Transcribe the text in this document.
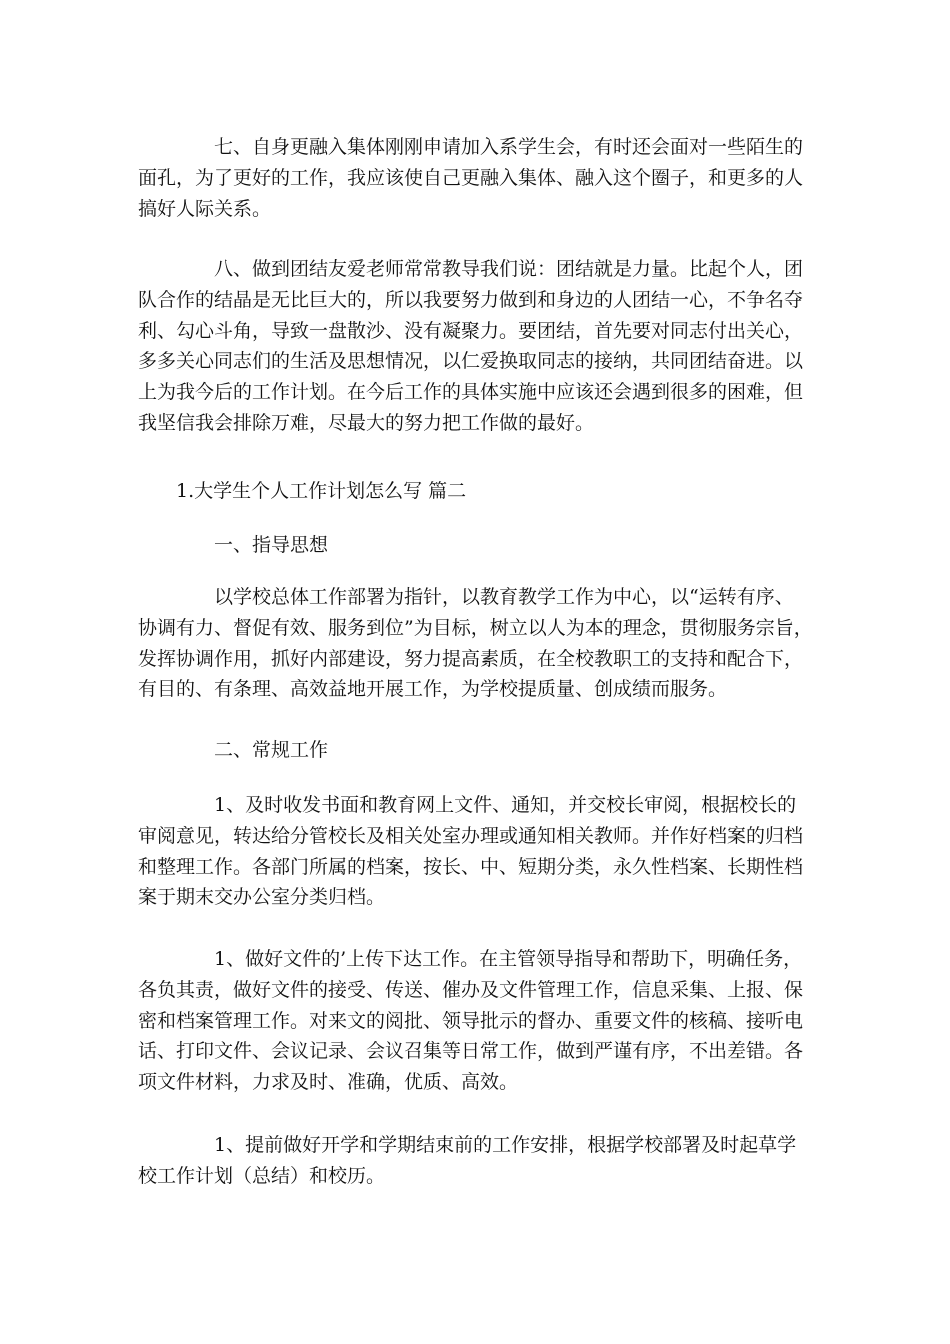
七、自身更融入集体刚刚申请加入系学生会，有时还会面对一些陌生的
面孔，为了更好的工作，我应该使自己更融入集体、融入这个圈子，和更多的人
搞好人际关系。
八、做到团结友爱老师常常教导我们说：团结就是力量。比起个人，团
队合作的结晶是无比巨大的，所以我要努力做到和身边的人团结一心，不争名夺
利、勾心斗角，导致一盘散沙、没有凝聚力。要团结，首先要对同志付出关心，
多多关心同志们的生活及思想情况，以仁爱换取同志的接纳，共同团结奋进。以
上为我今后的工作计划。在今后工作的具体实施中应该还会遇到很多的困难，但
我坚信我会排除万难，尽最大的努力把工作做的最好。
1.大学生个人工作计划怎么写 篇二
一、指导思想
以学校总体工作部署为指针，以教育教学工作为中心，以“运转有序、
协调有力、督促有效、服务到位”为目标，树立以人为本的理念，贯彻服务宗旨，
发挥协调作用，抓好内部建设，努力提高素质，在全校教职工的支持和配合下，
有目的、有条理、高效益地开展工作，为学校提质量、创成绩而服务。
二、常规工作
1、及时收发书面和教育网上文件、通知，并交校长审阅，根据校长的
审阅意见，转达给分管校长及相关处室办理或通知相关教师。并作好档案的归档
和整理工作。各部门所属的档案，按长、中、短期分类，永久性档案、长期性档
案于期末交办公室分类归档。
1、做好文件的’上传下达工作。在主管领导指导和帮助下，明确任务，
各负其责，做好文件的接受、传送、催办及文件管理工作，信息采集、上报、保
密和档案管理工作。对来文的阅批、领导批示的督办、重要文件的核稿、接听电
话、打印文件、会议记录、会议召集等日常工作，做到严谨有序，不出差错。各
项文件材料，力求及时、准确，优质、高效。
1、提前做好开学和学期结束前的工作安排，根据学校部署及时起草学
校工作计划（总结）和校历。
